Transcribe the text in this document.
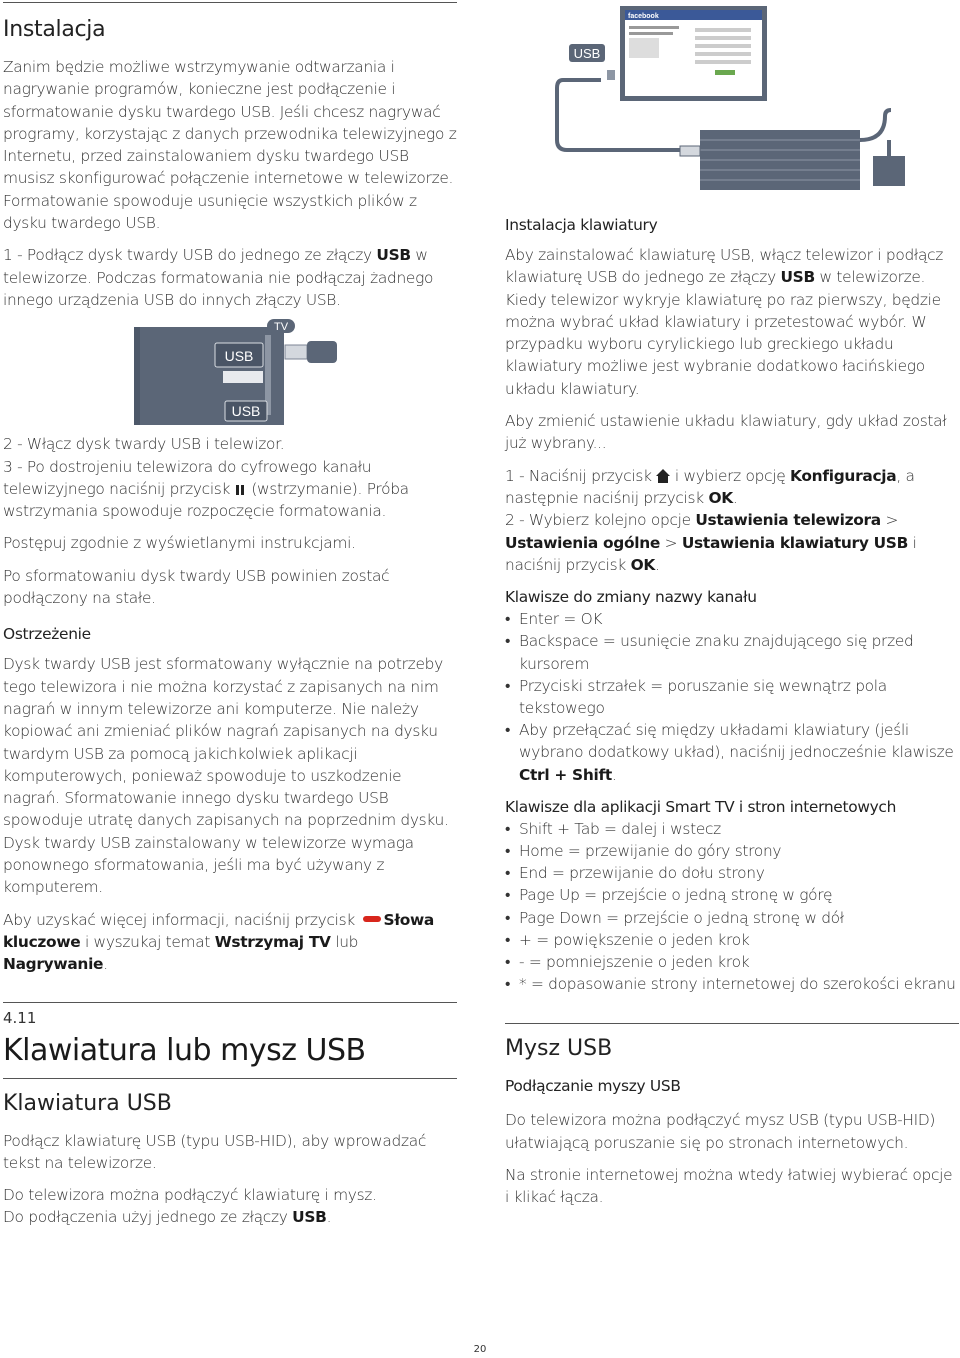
Instalacja

Zanim będzie możliwe wstrzymywanie odtwarzania i nagrywanie programów, konieczne jest podłączenie i sformatowanie dysku twardego USB. Jeśli chcesz nagrywać programy, korzystając z danych przewodnika telewizyjnego z Internetu, przed zainstalowaniem dysku twardego USB musisz skonfigurować połączenie internetowe w telewizorze. Formatowanie spowoduje usunięcie wszystkich plików z dysku twardego USB.

1 - Podłącz dysk twardy USB do jednego ze złączy USB w telewizorze. Podczas formatowania nie podłączaj żadnego innego urządzenia USB do innych złączy USB.

USB
USB
TV

2 - Włącz dysk twardy USB i telewizor.

3 - Po dostrojeniu telewizora do cyfrowego kanału telewizyjnego naciśnij przycisk  (wstrzymanie). Próba wstrzymania spowoduje rozpoczęcie formatowania.

Postępuj zgodnie z wyświetlanymi instrukcjami.

Po sformatowaniu dysk twardy USB powinien zostać podłączony na stałe.

Ostrzeżenie

Dysk twardy USB jest sformatowany wyłącznie na potrzeby tego telewizora i nie można korzystać z zapisanych na nim nagrań w innym telewizorze ani komputerze. Nie należy kopiować ani zmieniać plików nagrań zapisanych na dysku twardym USB za pomocą jakichkolwiek aplikacji komputerowych, ponieważ spowoduje to uszkodzenie nagrań. Sformatowanie innego dysku twardego USB spowoduje utratę danych zapisanych na poprzednim dysku. Dysk twardy USB zainstalowany w telewizorze wymaga ponownego sformatowania, jeśli ma być używany z komputerem.

Aby uzyskać więcej informacji, naciśnij przycisk Słowa kluczowe i wyszukaj temat Wstrzymaj TV lub Nagrywanie.

4.11
Klawiatura lub mysz USB
Klawiatura USB

Podłącz klawiaturę USB (typu USB-HID), aby wprowadzać tekst na telewizorze.

Do telewizora można podłączyć klawiaturę i mysz.
Do podłączenia użyj jednego ze złączy USB.

facebook
USB

Instalacja klawiatury

Aby zainstalować klawiaturę USB, włącz telewizor i podłącz klawiaturę USB do jednego ze złączy USB w telewizorze. Kiedy telewizor wykryje klawiaturę po raz pierwszy, będzie można wybrać układ klawiatury i przetestować wybór. W przypadku wyboru cyrylickiego lub greckiego układu klawiatury możliwe jest wybranie dodatkowo łacińskiego układu klawiatury.

Aby zmienić ustawienie układu klawiatury, gdy układ został już wybrany...

1 - Naciśnij przycisk  i wybierz opcję Konfiguracja, a następnie naciśnij przycisk OK.

2 - Wybierz kolejno opcje Ustawienia telewizora > Ustawienia ogólne > Ustawienia klawiatury USB i naciśnij przycisk OK.

Klawisze do zmiany nazwy kanału

• Enter = OK
• Backspace = usunięcie znaku znajdującego się przed kursorem
• Przyciski strzałek = poruszanie się wewnątrz pola tekstowego
• Aby przełączać się między układami klawiatury (jeśli wybrano dodatkowy układ), naciśnij jednocześnie klawisze Ctrl + Shift.

Klawisze dla aplikacji Smart TV i stron internetowych

• Shift + Tab = dalej i wstecz
• Home = przewijanie do góry strony
• End = przewijanie do dołu strony
• Page Up = przejście o jedną stronę w górę
• Page Down = przejście o jedną stronę w dół
• + = powiększenie o jeden krok
• - = pomniejszenie o jeden krok
• * = dopasowanie strony internetowej do szerokości ekranu
Mysz USB

Podłączanie myszy USB

Do telewizora można podłączyć mysz USB (typu USB-HID) ułatwiającą poruszanie się po stronach internetowych.

Na stronie internetowej można wtedy łatwiej wybierać opcje i klikać łącza.

20
